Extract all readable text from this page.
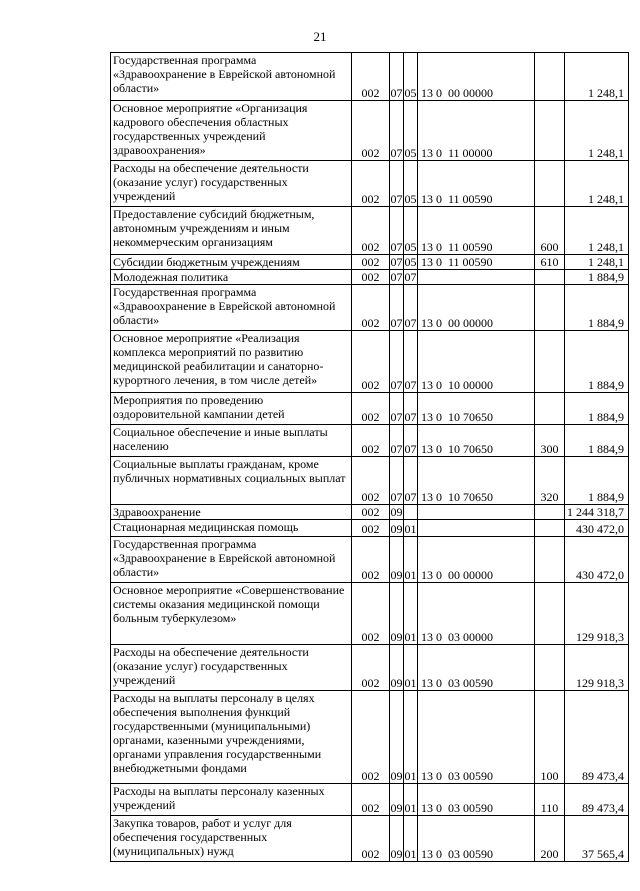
21
Государственная программа «Здравоохранение в Еврейской автономной области»	002	07	05	13 0  00 00000		1 248,1
Основное мероприятие «Организация кадрового обеспечения областных государственных учреждений здравоохранения»	002	07	05	13 0  11 00000		1 248,1
Расходы на обеспечение деятельности (оказание услуг) государственных учреждений	002	07	05	13 0  11 00590		1 248,1
Предоставление субсидий бюджетным, автономным учреждениям и иным некоммерческим организациям	002	07	05	13 0  11 00590	600	1 248,1
Субсидии бюджетным учреждениям	002	07	05	13 0  11 00590	610	1 248,1
Молодежная политика	002	07	07			1 884,9
Государственная программа «Здравоохранение в Еврейской автономной области»	002	07	07	13 0  00 00000		1 884,9
Основное мероприятие «Реализация комплекса мероприятий по развитию медицинской реабилитации и санаторно-курортного лечения, в том числе детей»	002	07	07	13 0  10 00000		1 884,9
Мероприятия по проведению оздоровительной кампании детей	002	07	07	13 0  10 70650		1 884,9
Социальное обеспечение и иные выплаты населению	002	07	07	13 0  10 70650	300	1 884,9
Социальные выплаты гражданам, кроме публичных нормативных социальных выплат	002	07	07	13 0  10 70650	320	1 884,9
Здравоохранение	002	09				1 244 318,7
Стационарная медицинская помощь	002	09	01			430 472,0
Государственная программа «Здравоохранение в Еврейской автономной области»	002	09	01	13 0  00 00000		430 472,0
Основное мероприятие «Совершенствование системы оказания медицинской помощи больным туберкулезом»	002	09	01	13 0  03 00000		129 918,3
Расходы на обеспечение деятельности (оказание услуг) государственных учреждений	002	09	01	13 0  03 00590		129 918,3
Расходы на выплаты персоналу в целях обеспечения выполнения функций государственными (муниципальными) органами, казенными учреждениями, органами управления государственными внебюджетными фондами	002	09	01	13 0  03 00590	100	89 473,4
Расходы на выплаты персоналу казенных учреждений	002	09	01	13 0  03 00590	110	89 473,4
Закупка товаров, работ и услуг для обеспечения государственных (муниципальных) нужд	002	09	01	13 0  03 00590	200	37 565,4
